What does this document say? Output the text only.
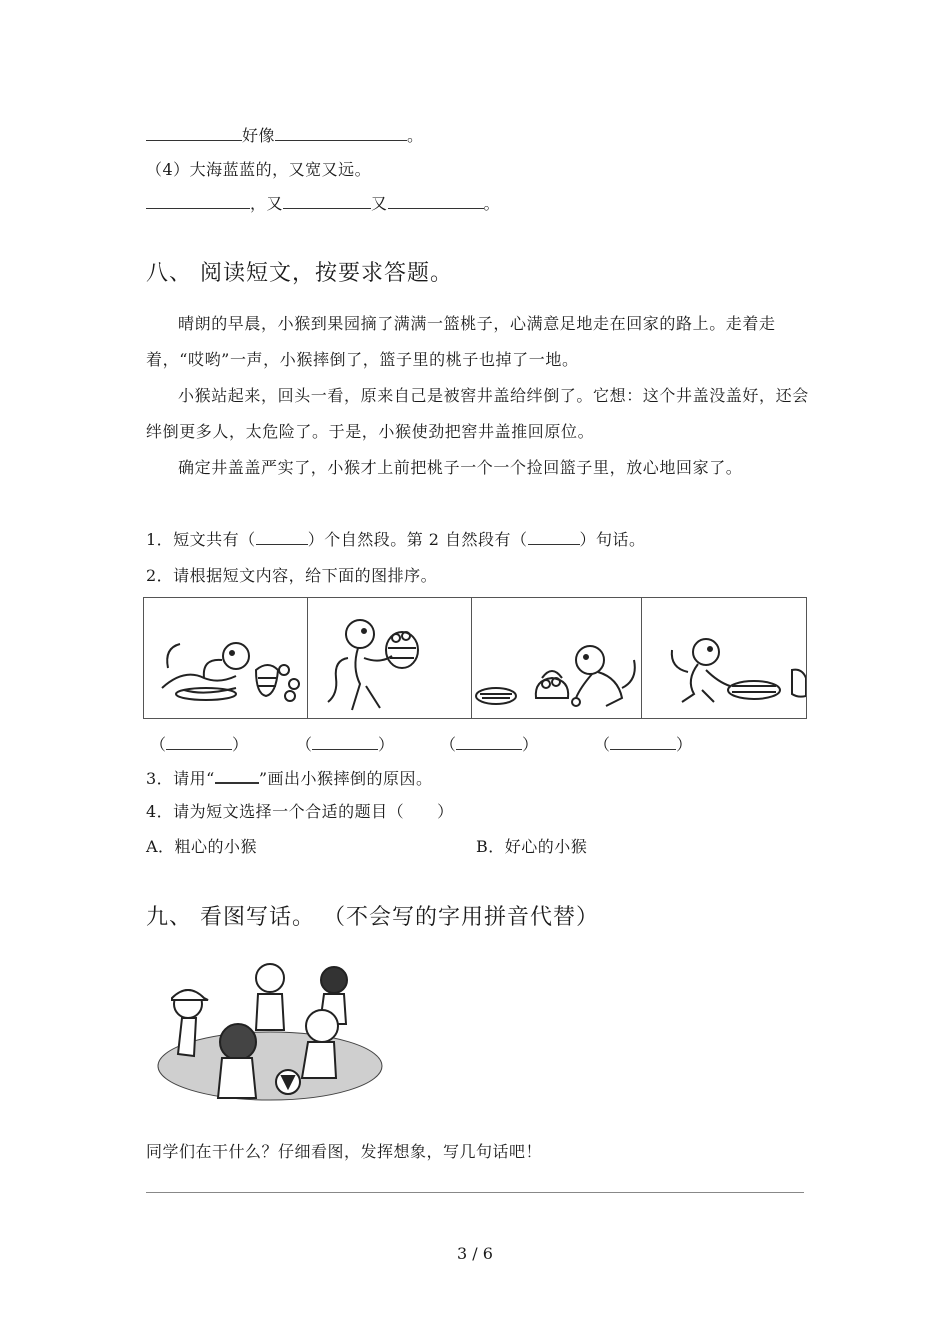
好像	。
（4）大海蓝蓝的，又宽又远。
，又	又	。
八、 阅读短文，按要求答题。

晴朗的早晨，小猴到果园摘了满满一篮桃子，心满意足地走在回家的路上。走着走着，“哎哟”一声，小猴摔倒了，篮子里的桃子也掉了一地。

小猴站起来，回头一看，原来自己是被窖井盖给绊倒了。它想：这个井盖没盖好，还会绊倒更多人，太危险了。于是，小猴使劲把窖井盖推回原位。

确定井盖盖严实了，小猴才上前把桃子一个一个捡回篮子里，放心地回家了。

1．短文共有（	）个自然段。第 2 自然段有（	）句话。
2．请根据短文内容，给下面的图排序。
（	）	（	）	（	）	（	）
3．请用“	”画出小猴摔倒的原因。
4．请为短文选择一个合适的题目（　　）
A．粗心的小猴	B．好心的小猴
九、 看图写话。 （不会写的字用拼音代替）
同学们在干什么？仔细看图，发挥想象，写几句话吧！
3 / 6
